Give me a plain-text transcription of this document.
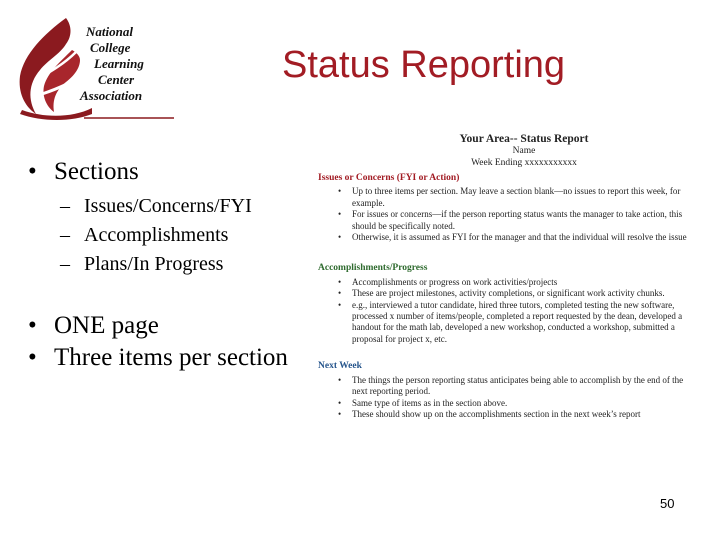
National
College
Learning
Center
Association
Status Reporting
• Sections
– Issues/Concerns/FYI
– Accomplishments
– Plans/In Progress
• ONE page
• Three items per section
Your Area-- Status Report
Name
Week Ending xxxxxxxxxxx
Issues or Concerns (FYI or Action)
• Up to three items per section. May leave a section blank—no issues to report this week, for example.
• For issues or concerns—if the person reporting status wants the manager to take action, this should be specifically noted.
• Otherwise, it is assumed as FYI for the manager and that the individual will resolve the issue
Accomplishments/Progress
• Accomplishments or progress on work activities/projects
• These are project milestones, activity completions, or significant work activity chunks.
• e.g., interviewed a tutor candidate, hired three tutors, completed testing the new software, processed x number of items/people, completed a report requested by the dean, developed a handout for the math lab, developed a new workshop, conducted a workshop, submitted a proposal for project x, etc.
Next Week
• The things the person reporting status anticipates being able to accomplish by the end of the next reporting period.
• Same type of items as in the section above.
• These should show up on the accomplishments section in the next week’s report
50
